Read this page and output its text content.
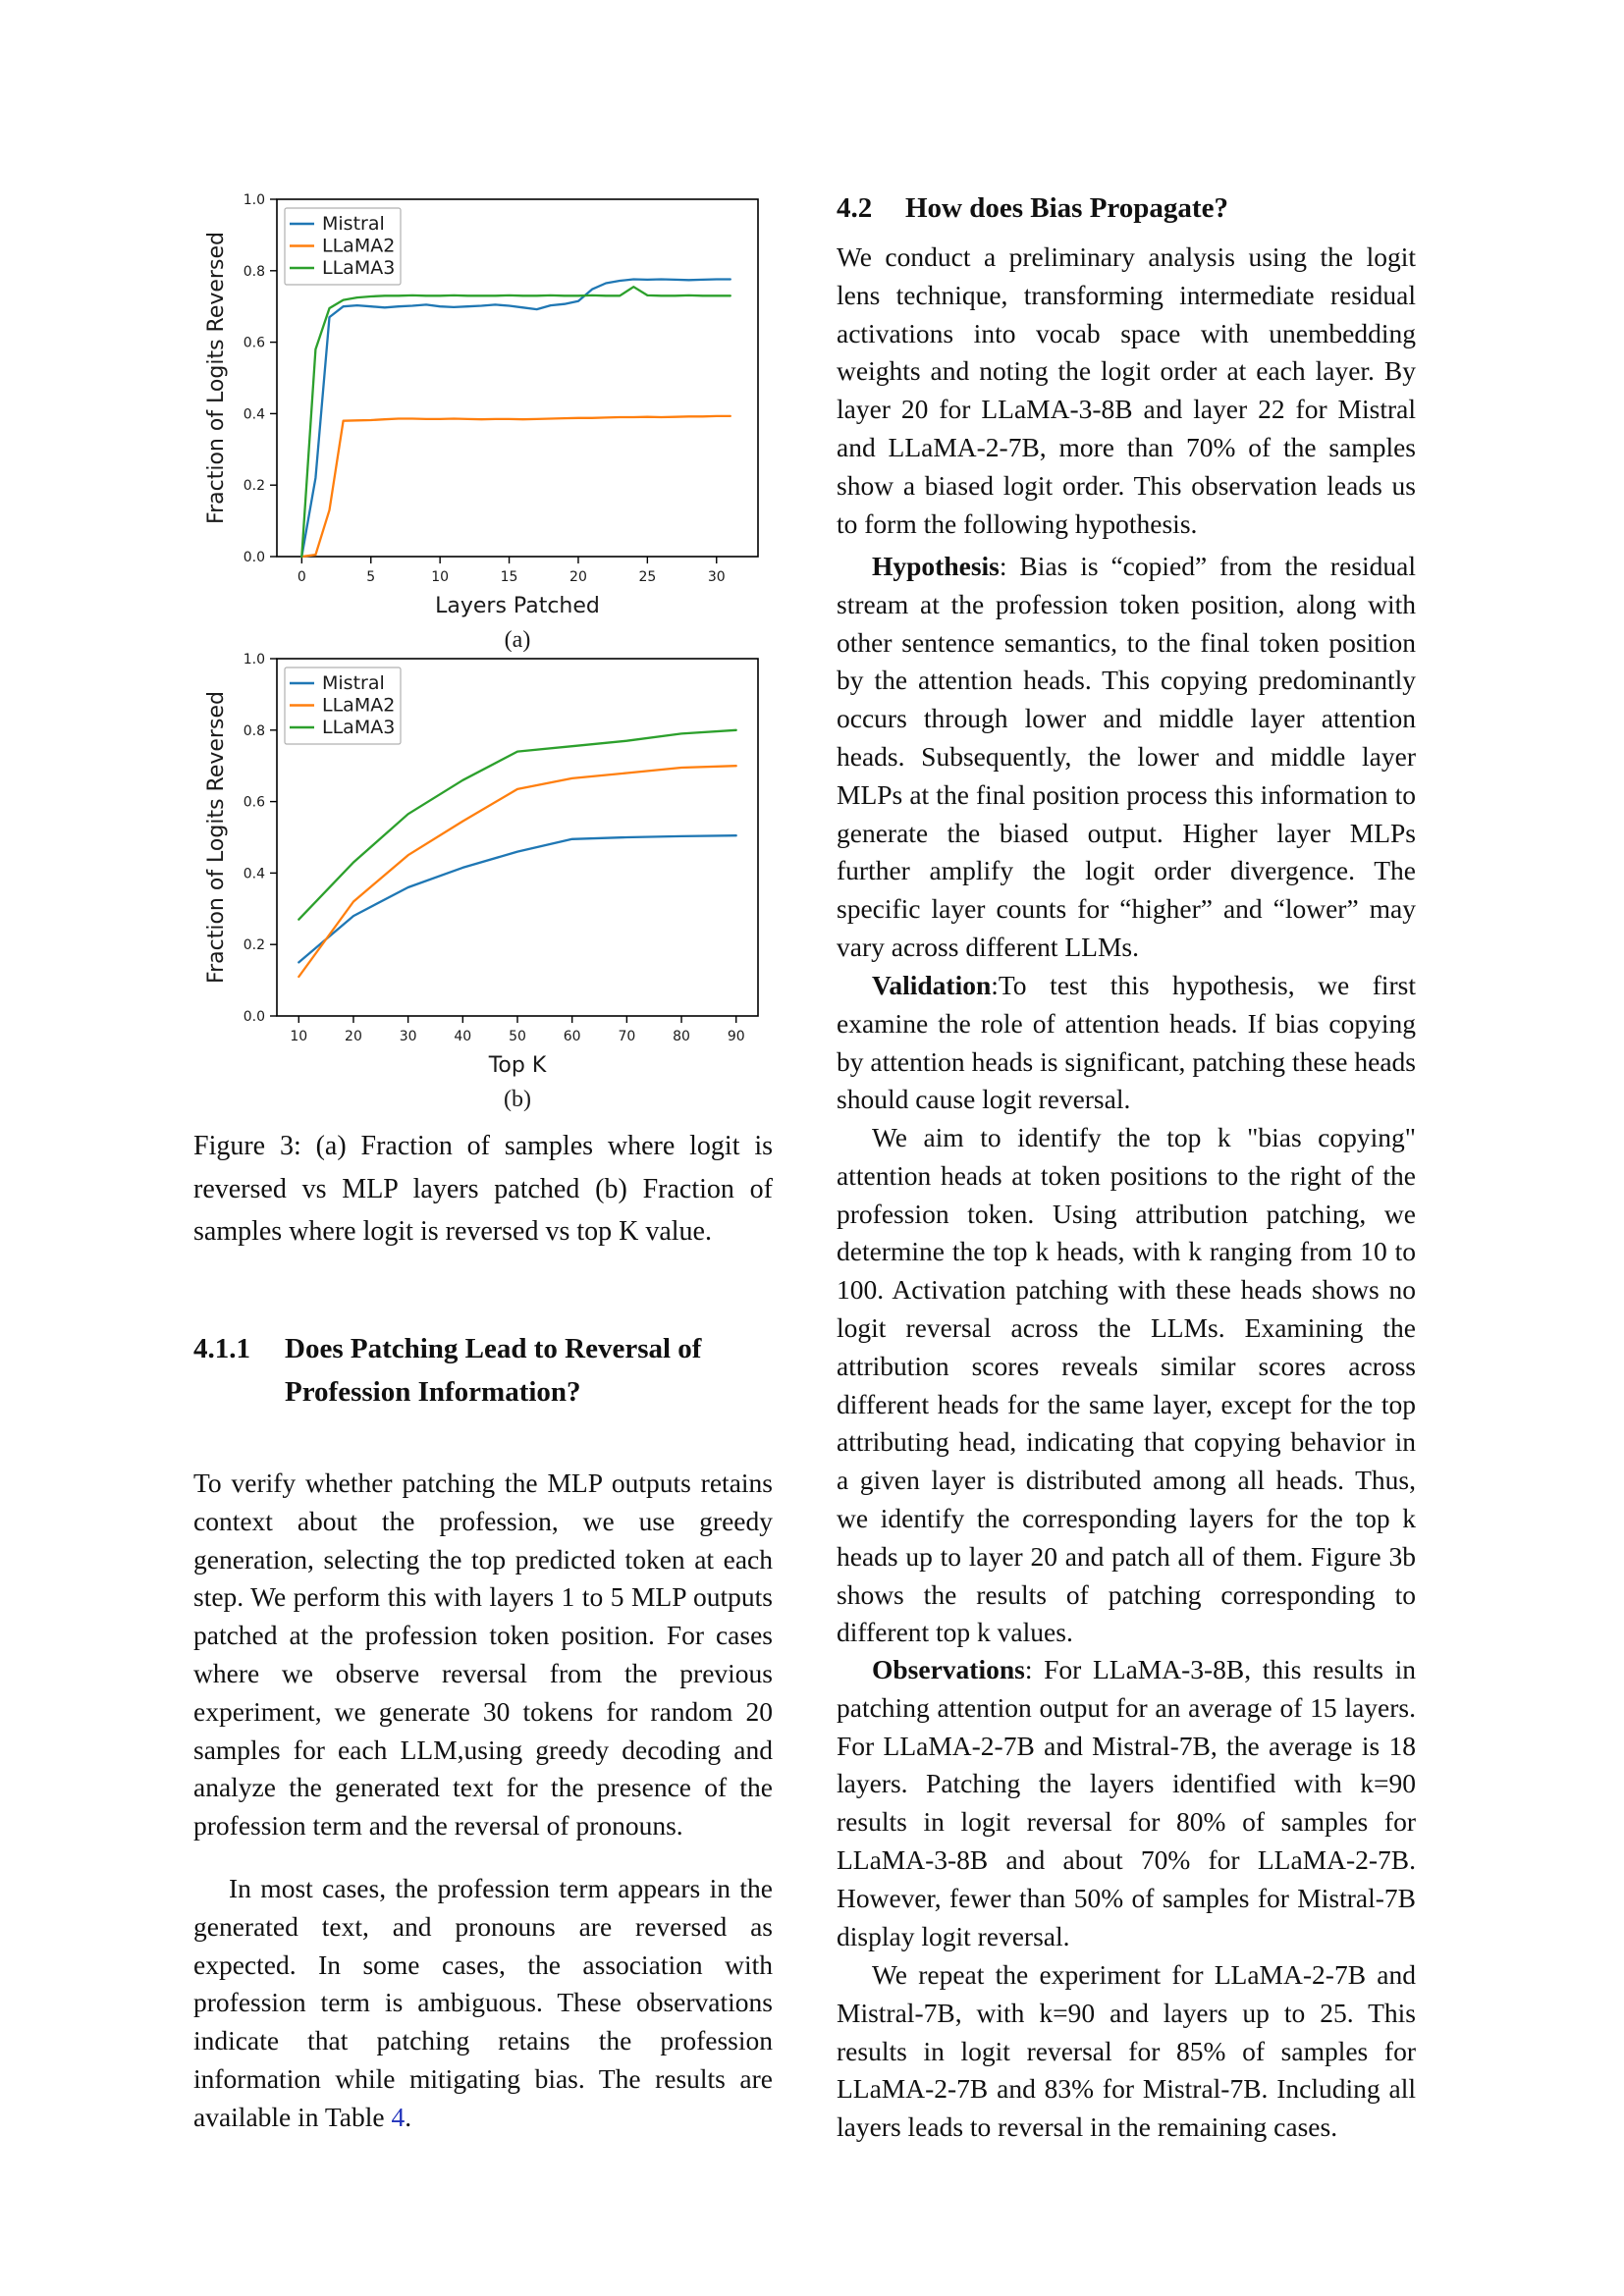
0	5	10	15	20	25	30
0.0
0.2
0.4
0.6
0.8
1.0
Mistral
LLaMA2
LLaMA3
Layers Patched
Fraction of Logits Reversed
(a)
10	20	30	40	50	60	70	80	90
0.0
0.2
0.4
0.6
0.8
1.0
Mistral
LLaMA2
LLaMA3
Top K
Fraction of Logits Reversed
(b)

Figure 3: (a) Fraction of samples where logit is reversed vs MLP layers patched (b) Fraction of samples where logit is reversed vs top K value.

4.1.1	Does Patching Lead to Reversal of Profession Information?

To verify whether patching the MLP outputs retains context about the profession, we use greedy generation, selecting the top predicted token at each step. We perform this with layers 1 to 5 MLP outputs patched at the profession token position. For cases where we observe reversal from the previous experiment, we generate 30 tokens for random 20 samples for each LLM,using greedy decoding and analyze the generated text for the presence of the profession term and the reversal of pronouns.

In most cases, the profession term appears in the generated text, and pronouns are reversed as expected. In some cases, the association with profession term is ambiguous. These observations indicate that patching retains the profession information while mitigating bias. The results are available in Table 4.

4.2	How does Bias Propagate?

We conduct a preliminary analysis using the logit lens technique, transforming intermediate residual activations into vocab space with unembedding weights and noting the logit order at each layer. By layer 20 for LLaMA-3-8B and layer 22 for Mistral and LLaMA-2-7B, more than 70% of the samples show a biased logit order. This observation leads us to form the following hypothesis.

Hypothesis: Bias is “copied” from the residual stream at the profession token position, along with other sentence semantics, to the final token position by the attention heads. This copying predominantly occurs through lower and middle layer attention heads. Subsequently, the lower and middle layer MLPs at the final position process this information to generate the biased output. Higher layer MLPs further amplify the logit order divergence. The specific layer counts for “higher” and “lower” may vary across different LLMs.

Validation:To test this hypothesis, we first examine the role of attention heads. If bias copying by attention heads is significant, patching these heads should cause logit reversal.

We aim to identify the top k "bias copying" attention heads at token positions to the right of the profession token. Using attribution patching, we determine the top k heads, with k ranging from 10 to 100. Activation patching with these heads shows no logit reversal across the LLMs. Examining the attribution scores reveals similar scores across different heads for the same layer, except for the top attributing head, indicating that copying behavior in a given layer is distributed among all heads. Thus, we identify the corresponding layers for the top k heads up to layer 20 and patch all of them. Figure 3b shows the results of patching corresponding to different top k values.

Observations: For LLaMA-3-8B, this results in patching attention output for an average of 15 layers. For LLaMA-2-7B and Mistral-7B, the average is 18 layers. Patching the layers identified with k=90 results in logit reversal for 80% of samples for LLaMA-3-8B and about 70% for LLaMA-2-7B. However, fewer than 50% of samples for Mistral-7B display logit reversal.

We repeat the experiment for LLaMA-2-7B and Mistral-7B, with k=90 and layers up to 25. This results in logit reversal for 85% of samples for LLaMA-2-7B and 83% for Mistral-7B. Including all layers leads to reversal in the remaining cases.
